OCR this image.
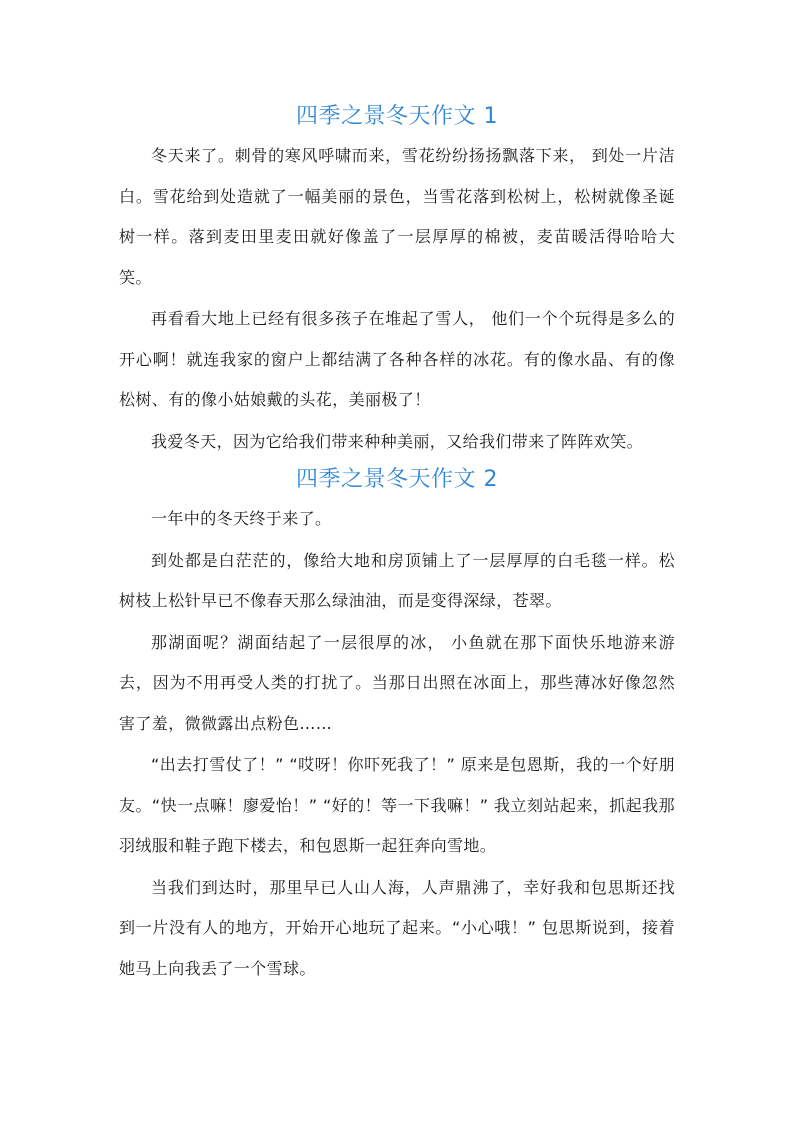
四季之景冬天作文 1

冬天来了。刺骨的寒风呼啸而来，雪花纷纷扬扬飘落下来， 到处一片洁白。雪花给到处造就了一幅美丽的景色，当雪花落到松树上，松树就像圣诞树一样。落到麦田里麦田就好像盖了一层厚厚的棉被，麦苗暖活得哈哈大笑。

再看看大地上已经有很多孩子在堆起了雪人， 他们一个个玩得是多么的开心啊！就连我家的窗户上都结满了各种各样的冰花。有的像水晶、有的像松树、有的像小姑娘戴的头花，美丽极了！

我爱冬天，因为它给我们带来种种美丽，又给我们带来了阵阵欢笑。

四季之景冬天作文 2

一年中的冬天终于来了。

到处都是白茫茫的，像给大地和房顶铺上了一层厚厚的白毛毯一样。松树枝上松针早已不像春天那么绿油油，而是变得深绿，苍翠。

那湖面呢？湖面结起了一层很厚的冰， 小鱼就在那下面快乐地游来游去，因为不用再受人类的打扰了。当那日出照在冰面上，那些薄冰好像忽然害了羞，微微露出点粉色……

“出去打雪仗了！” “哎呀！你吓死我了！” 原来是包恩斯，我的一个好朋友。“快一点嘛！廖爱怡！” “好的！等一下我嘛！” 我立刻站起来，抓起我那羽绒服和鞋子跑下楼去，和包恩斯一起狂奔向雪地。

当我们到达时，那里早已人山人海，人声鼎沸了，幸好我和包思斯还找到一片没有人的地方，开始开心地玩了起来。“小心哦！” 包思斯说到，接着她马上向我丢了一个雪球。
